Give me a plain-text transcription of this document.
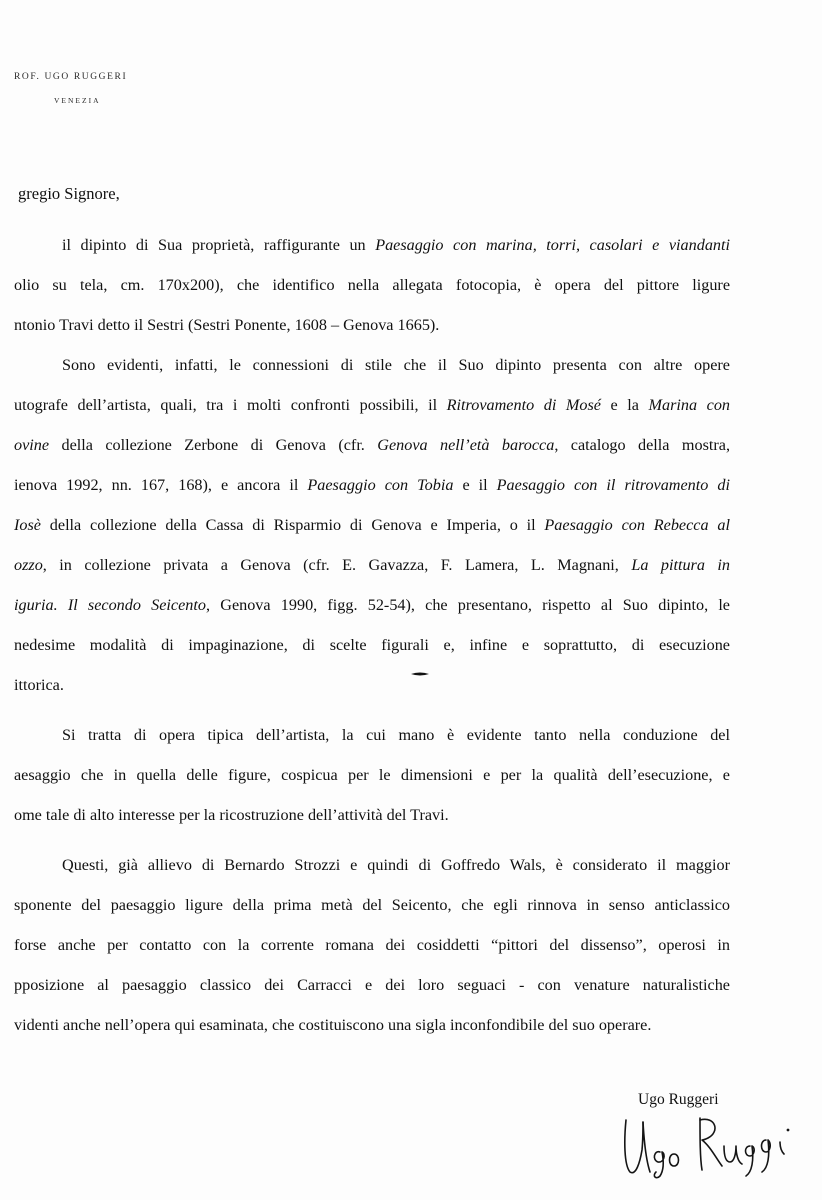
ROF. UGO RUGGERI
VENEZIA
gregio Signore,
il dipinto di Sua proprietà, raffigurante un Paesaggio con marina, torri, casolari e viandanti
olio su tela, cm. 170x200), che identifico nella allegata fotocopia, è opera del pittore ligure
ntonio Travi detto il Sestri (Sestri Ponente, 1608 – Genova 1665).
Sono evidenti, infatti, le connessioni di stile che il Suo dipinto presenta con altre opere
utografe dell’artista, quali, tra i molti confronti possibili, il Ritrovamento di Mosé e la Marina con
ovine della collezione Zerbone di Genova (cfr. Genova nell’età barocca, catalogo della mostra,
ienova 1992, nn. 167, 168), e ancora il Paesaggio con Tobia e il Paesaggio con il ritrovamento di
Iosè della collezione della Cassa di Risparmio di Genova e Imperia, o il Paesaggio con Rebecca al
ozzo, in collezione privata a Genova (cfr. E. Gavazza, F. Lamera, L. Magnani, La pittura in
iguria. Il secondo Seicento, Genova 1990, figg. 52-54), che presentano, rispetto al Suo dipinto, le
nedesime modalità di impaginazione, di scelte figurali e, infine e soprattutto, di esecuzione
ittorica.
Si tratta di opera tipica dell’artista, la cui mano è evidente tanto nella conduzione del
aesaggio che in quella delle figure, cospicua per le dimensioni e per la qualità dell’esecuzione, e
ome tale di alto interesse per la ricostruzione dell’attività del Travi.
Questi, già allievo di Bernardo Strozzi e quindi di Goffredo Wals, è considerato il maggior
sponente del paesaggio ligure della prima metà del Seicento, che egli rinnova in senso anticlassico
forse anche per contatto con la corrente romana dei cosiddetti “pittori del dissenso”, operosi in
pposizione al paesaggio classico dei Carracci e dei loro seguaci - con venature naturalistiche
videnti anche nell’opera qui esaminata, che costituiscono una sigla inconfondibile del suo operare.
Ugo Ruggeri
